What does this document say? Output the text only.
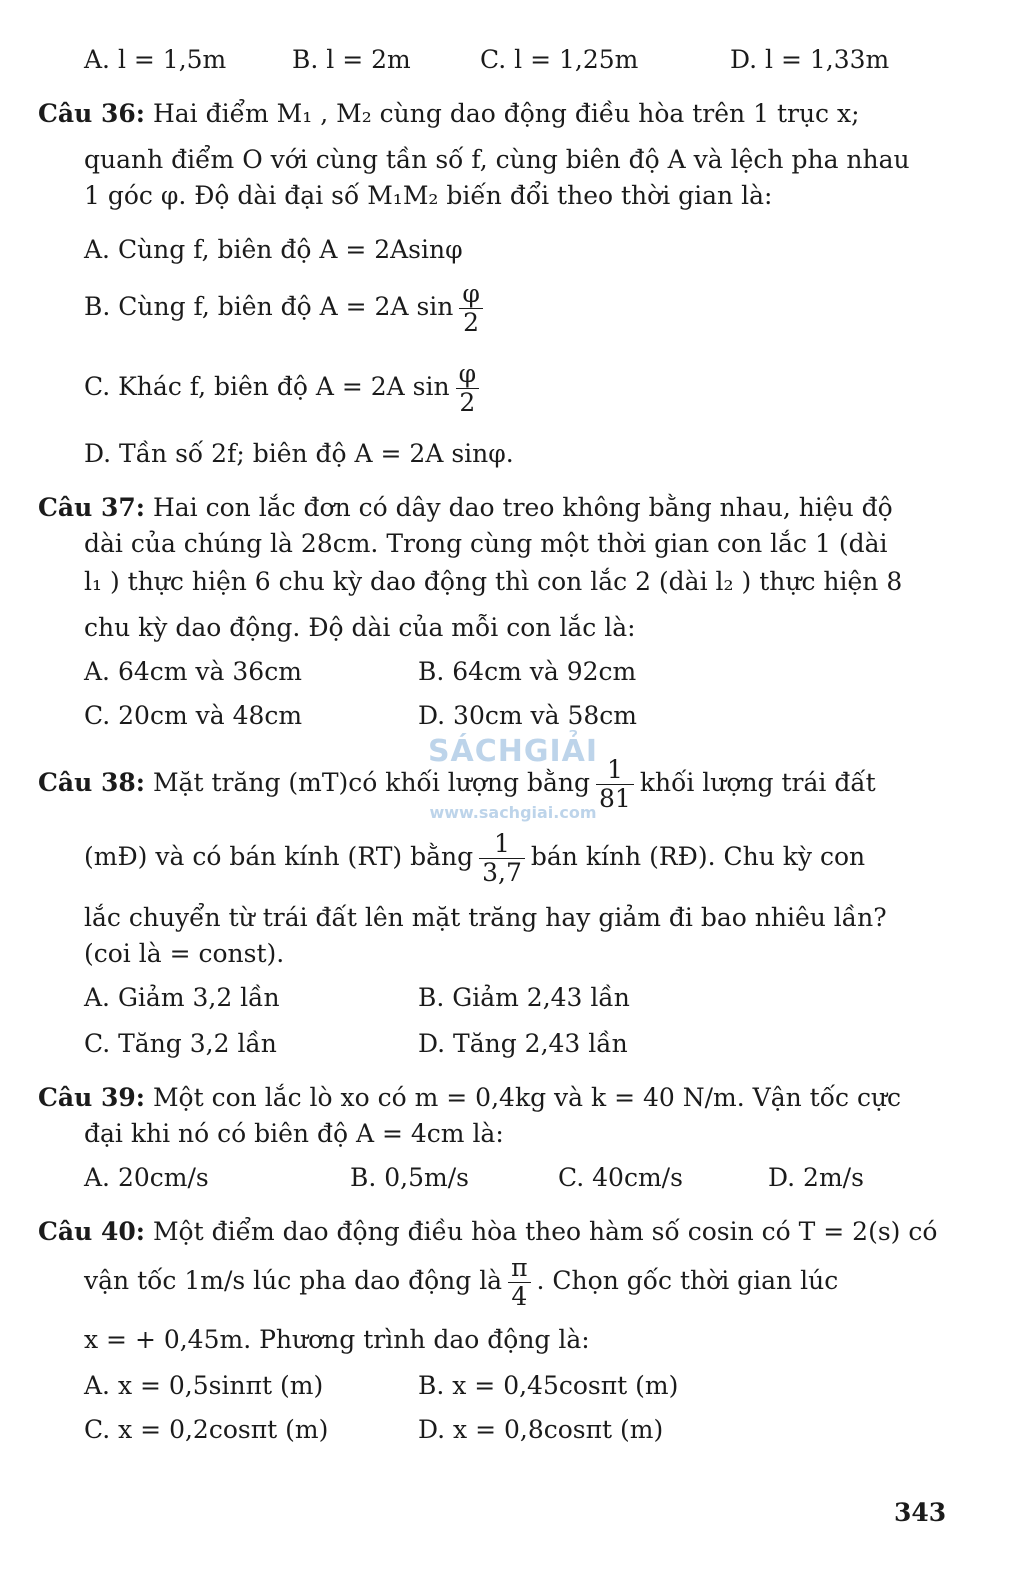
A. l = 1,5m	B. l = 2m	C. l = 1,25m	D. l = 1,33m
Câu 36: Hai điểm M₁ , M₂ cùng dao động điều hòa trên 1 trục x;
quanh điểm O với cùng tần số f, cùng biên độ A và lệch pha nhau
1 góc φ. Độ dài đại số M₁M₂ biến đổi theo thời gian là:
A. Cùng f, biên độ A = 2Asinφ
B. Cùng f, biên độ A = 2A $\sin \frac{\varphi}{2}$
C. Khác f, biên độ A = 2A $\sin \frac{\varphi}{2}$
D. Tần số 2f; biên độ A = 2A sinφ.
Câu 37: Hai con lắc đơn có dây dao treo không bằng nhau, hiệu độ
dài của chúng là 28cm. Trong cùng một thời gian con lắc 1 (dài
l₁ ) thực hiện 6 chu kỳ dao động thì con lắc 2 (dài l₂ ) thực hiện 8
chu kỳ dao động. Độ dài của mỗi con lắc là:
A. 64cm và 36cm	B. 64cm và 92cm
C. 20cm và 48cm	D. 30cm và 58cm
Câu 38: Mặt trăng (mT)có khối lượng bằng $\frac{1}{81}$ khối lượng trái đất
(mĐ) và có bán kính (RT) bằng $\frac{1}{3,7}$ bán kính (RĐ). Chu kỳ con
lắc chuyển từ trái đất lên mặt trăng hay giảm đi bao nhiêu lần?
(coi là = const).
A. Giảm 3,2 lần	B. Giảm 2,43 lần
C. Tăng 3,2 lần	D. Tăng 2,43 lần
Câu 39: Một con lắc lò xo có m = 0,4kg và k = 40 N/m. Vận tốc cực
đại khi nó có biên độ A = 4cm là:
A. 20cm/s	B. 0,5m/s	C. 40cm/s	D. 2m/s
Câu 40: Một điểm dao động điều hòa theo hàm số cosin có T = 2(s) có
vận tốc 1m/s lúc pha dao động là $\frac{\pi}{4}$ . Chọn gốc thời gian lúc
x = + 0,45m. Phương trình dao động là:
A. x = 0,5sinπt (m)	B. x = 0,45cosπt (m)
C. x = 0,2cosπt (m)	D. x = 0,8cosπt (m)
SÁCHGIẢI
www.sachgiai.com
343
